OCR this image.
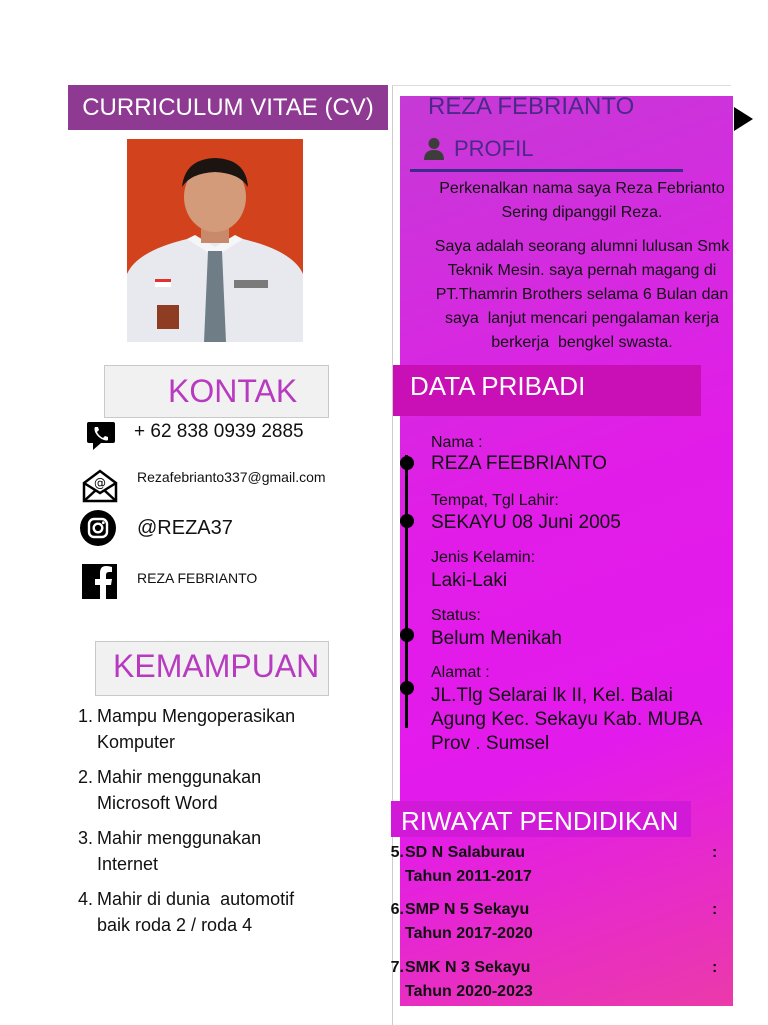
CURRICULUM VITAE (CV)
KONTAK
+ 62 838 0939 2885
@ Rezafebrianto337@gmail.com
@REZA37
REZA FEBRIANTO
KEMAMPUAN
1. Mampu Mengoperasikan
Komputer
2. Mahir menggunakan
Microsoft Word
3. Mahir menggunakan
Internet
4. Mahir di dunia  automotif
baik roda 2 / roda 4
REZA FEBRIANTO
PROFIL
Perkenalkan nama saya Reza Febrianto
Sering dipanggil Reza.
Saya adalah seorang alumni lulusan Smk
Teknik Mesin. saya pernah magang di
PT.Thamrin Brothers selama 6 Bulan dan
saya  lanjut mencari pengalaman kerja
berkerja  bengkel swasta.
DATA PRIBADI
Nama :
REZA FEEBRIANTO
Tempat, Tgl Lahir:
SEKAYU 08 Juni 2005
Jenis Kelamin:
Laki-Laki
Status:
Belum Menikah
Alamat :
JL.Tlg Selarai lk II, Kel. Balai
Agung Kec. Sekayu Kab. MUBA
Prov . Sumsel
RIWAYAT PENDIDIKAN
5. SD N Salaburau	:
Tahun 2011-2017
6. SMP N 5 Sekayu	:
Tahun 2017-2020
7. SMK N 3 Sekayu	:
Tahun 2020-2023
